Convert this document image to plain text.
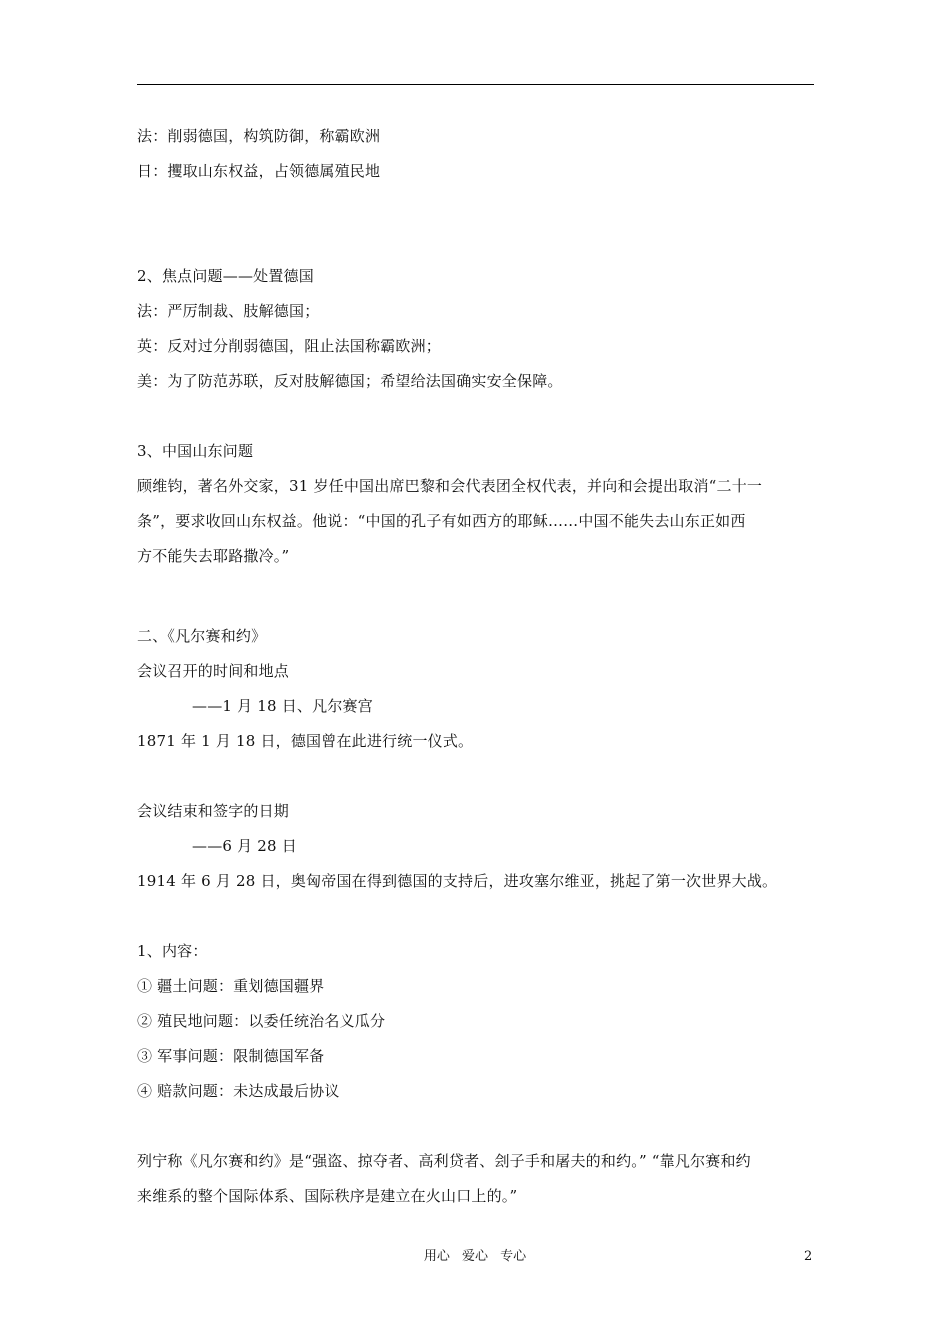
法：削弱德国，构筑防御，称霸欧洲
日：攫取山东权益，占领德属殖民地
2、焦点问题——处置德国
法：严厉制裁、肢解德国；
英：反对过分削弱德国，阻止法国称霸欧洲；
美：为了防范苏联，反对肢解德国；希望给法国确实安全保障。
3、中国山东问题
顾维钧，著名外交家，31 岁任中国出席巴黎和会代表团全权代表，并向和会提出取消“二十一
条”，要求收回山东权益。他说：“中国的孔子有如西方的耶稣……中国不能失去山东正如西
方不能失去耶路撒冷。”
二、《凡尔赛和约》
会议召开的时间和地点
——1 月 18 日、凡尔赛宫
1871 年 1 月 18 日，德国曾在此进行统一仪式。
会议结束和签字的日期
——6 月 28 日
1914 年 6 月 28 日，奥匈帝国在得到德国的支持后，进攻塞尔维亚，挑起了第一次世界大战。
1、内容：
① 疆土问题：重划德国疆界
② 殖民地问题：以委任统治名义瓜分
③ 军事问题：限制德国军备
④ 赔款问题：未达成最后协议
列宁称《凡尔赛和约》是“强盗、掠夺者、高利贷者、刽子手和屠夫的和约。” “靠凡尔赛和约
来维系的整个国际体系、国际秩序是建立在火山口上的。”
用心 爱心 专心	2
